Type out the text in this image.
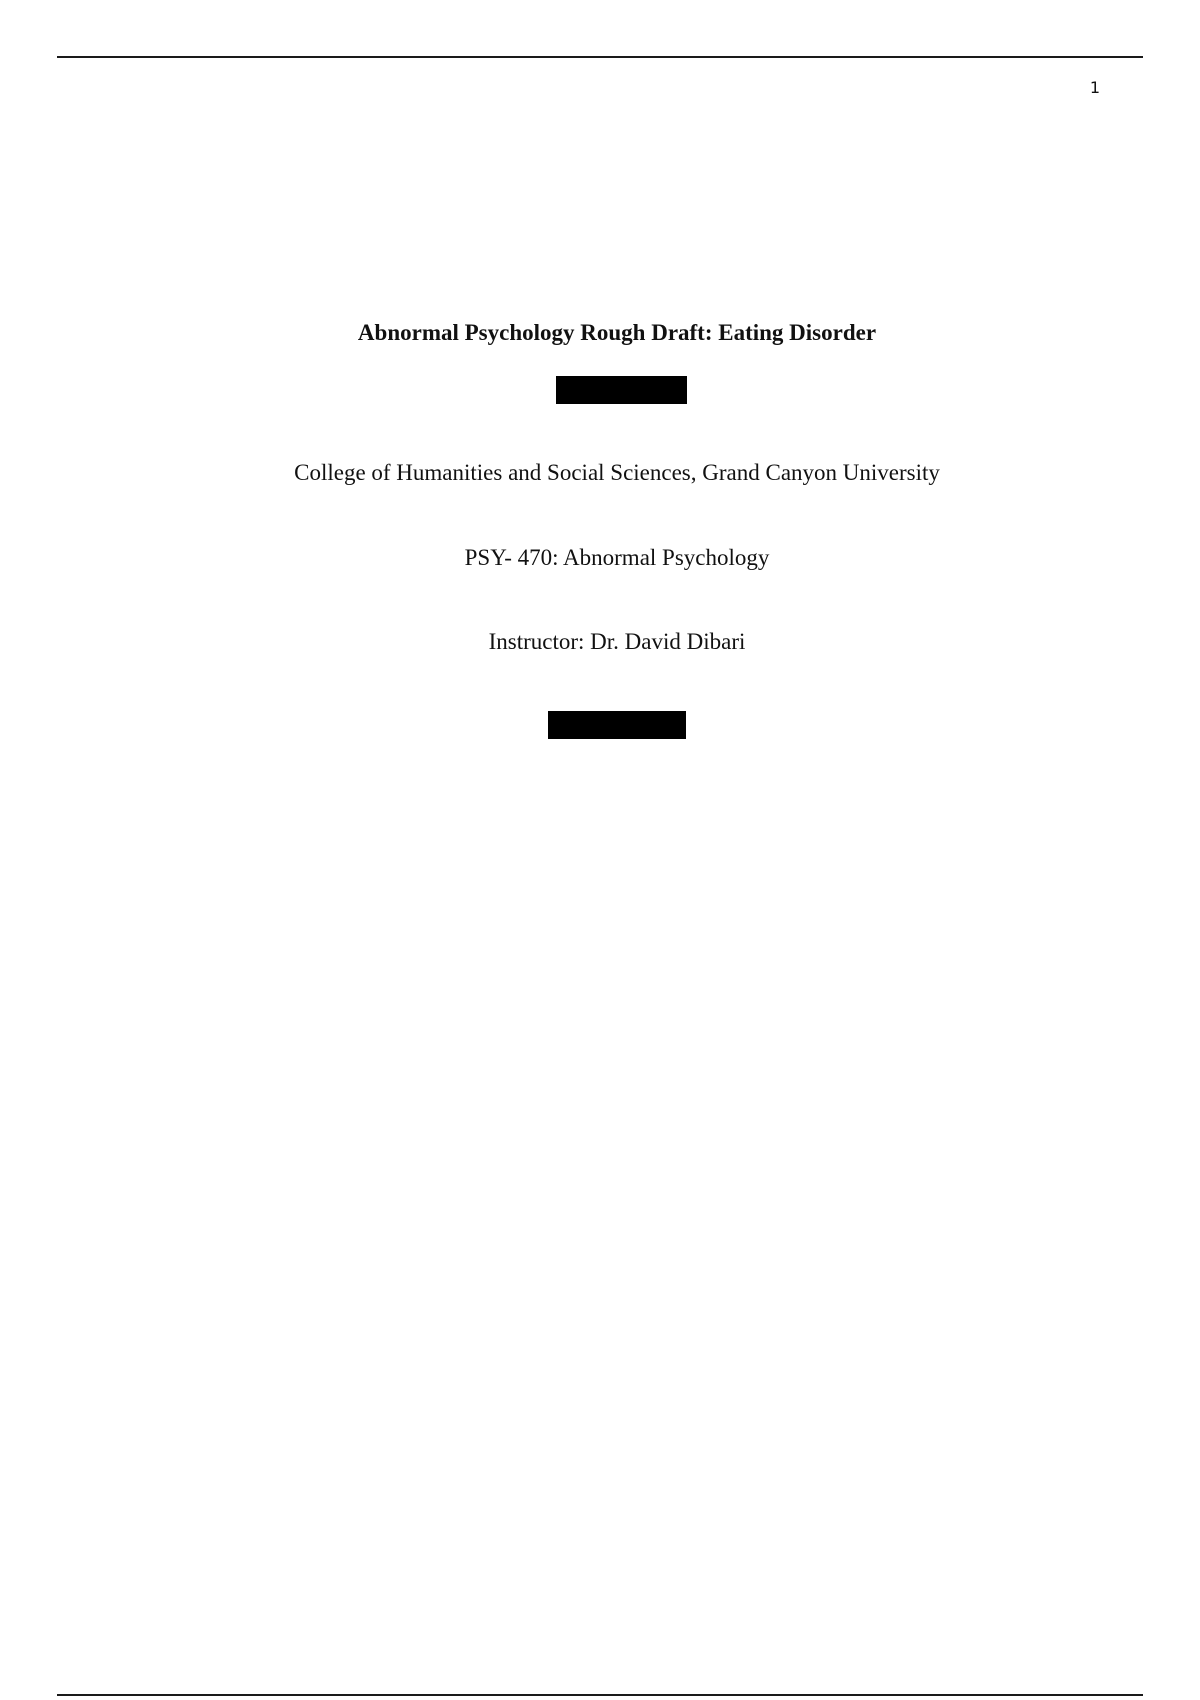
1
Abnormal Psychology Rough Draft: Eating Disorder
College of Humanities and Social Sciences, Grand Canyon University
PSY- 470: Abnormal Psychology
Instructor: Dr. David Dibari
